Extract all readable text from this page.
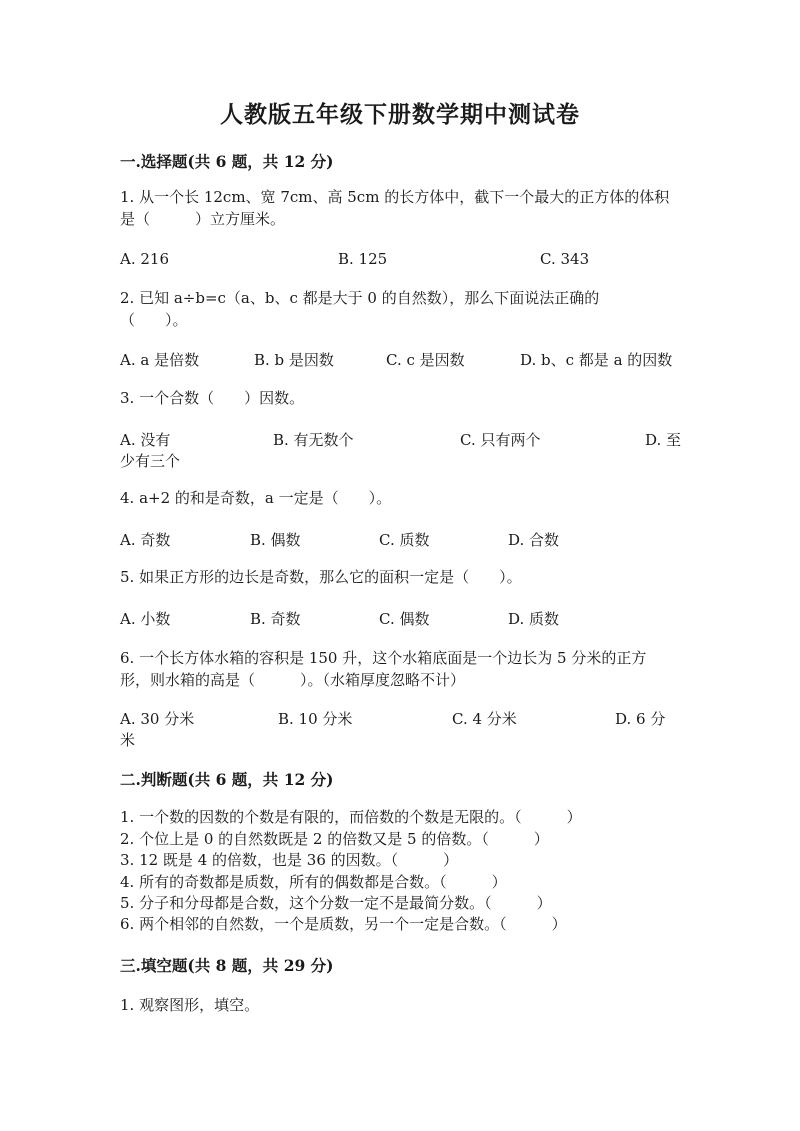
人教版五年级下册数学期中测试卷
一.选择题(共 6 题，共 12 分)
1. 从一个长 12cm、宽 7cm、高 5cm 的长方体中，截下一个最大的正方体的体积
是（　　　）立方厘米。
A. 216	B. 125	C. 343
2. 已知 a÷b=c（a、b、c 都是大于 0 的自然数），那么下面说法正确的
（　　）。
A. a 是倍数	B. b 是因数	C. c 是因数	D. b、c 都是 a 的因数
3. 一个合数（　　）因数。
A. 没有	B. 有无数个	C. 只有两个	D. 至
少有三个
4. a+2 的和是奇数，a 一定是（　　）。
A. 奇数	B. 偶数	C. 质数	D. 合数
5. 如果正方形的边长是奇数，那么它的面积一定是（　　）。
A. 小数	B. 奇数	C. 偶数	D. 质数
6. 一个长方体水箱的容积是 150 升，这个水箱底面是一个边长为 5 分米的正方
形，则水箱的高是（　　　）。（水箱厚度忽略不计）
A. 30 分米	B. 10 分米	C. 4 分米	D. 6 分
米
二.判断题(共 6 题，共 12 分)
1. 一个数的因数的个数是有限的，而倍数的个数是无限的。（　　　）
2. 个位上是 0 的自然数既是 2 的倍数又是 5 的倍数。（　　　）
3. 12 既是 4 的倍数，也是 36 的因数。（　　　）
4. 所有的奇数都是质数，所有的偶数都是合数。（　　　）
5. 分子和分母都是合数，这个分数一定不是最简分数。（　　　）
6. 两个相邻的自然数，一个是质数，另一个一定是合数。（　　　）
三.填空题(共 8 题，共 29 分)
1. 观察图形，填空。
